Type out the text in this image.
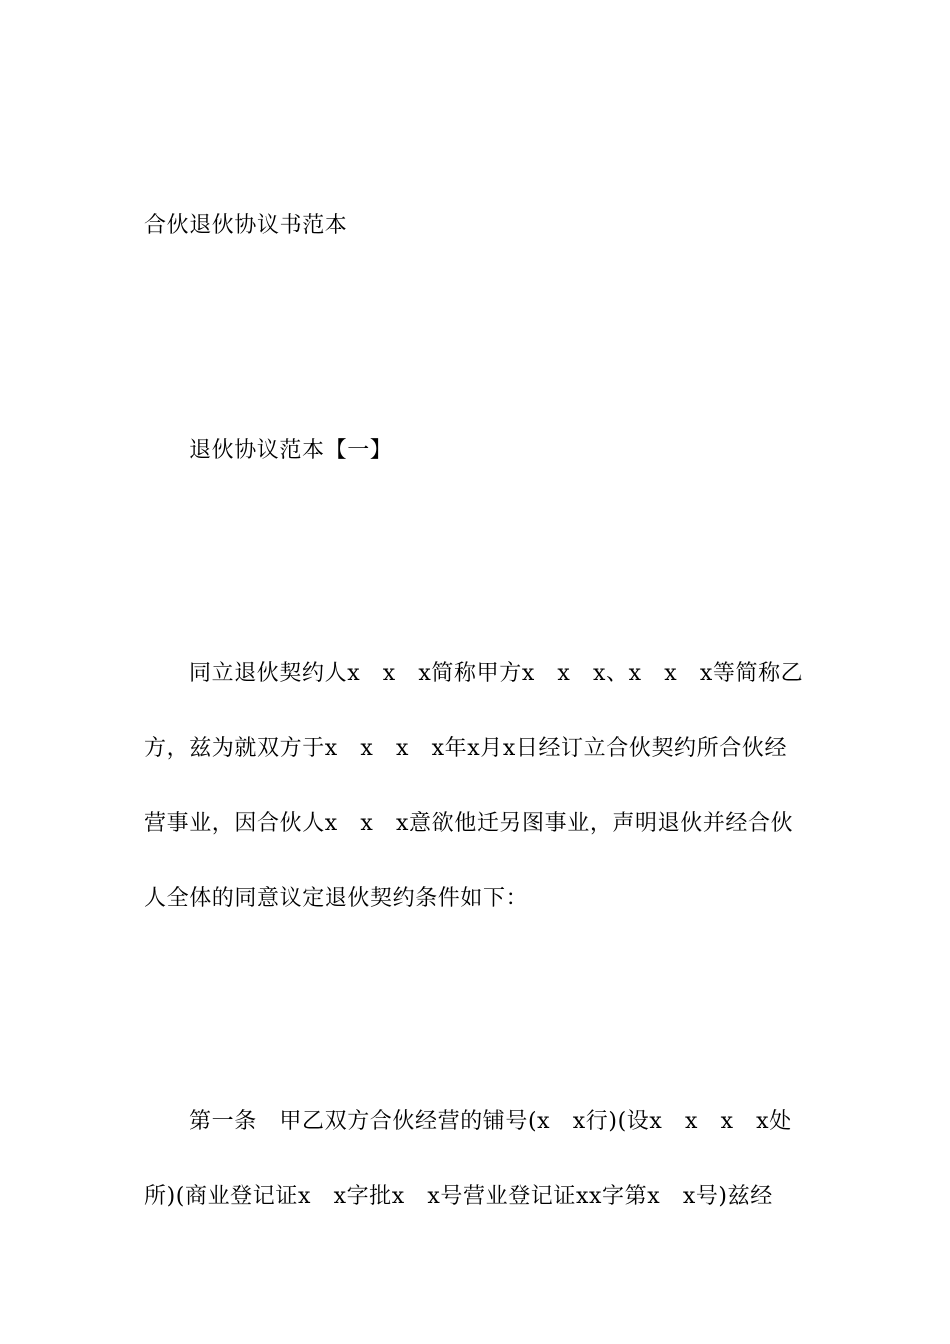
合伙退伙协议书范本
退伙协议范本【一】
同立退伙契约人x　x　x简称甲方x　x　x、x　x　x等简称乙
方，兹为就双方于x　x　x　x年x月x日经订立合伙契约所合伙经
营事业，因合伙人x　x　x意欲他迁另图事业，声明退伙并经合伙
人全体的同意议定退伙契约条件如下：
第一条　甲乙双方合伙经营的铺号(x　x行)(设x　x　x　x处
所)(商业登记证x　x字批x　x号营业登记证xx字第x　x号)兹经
